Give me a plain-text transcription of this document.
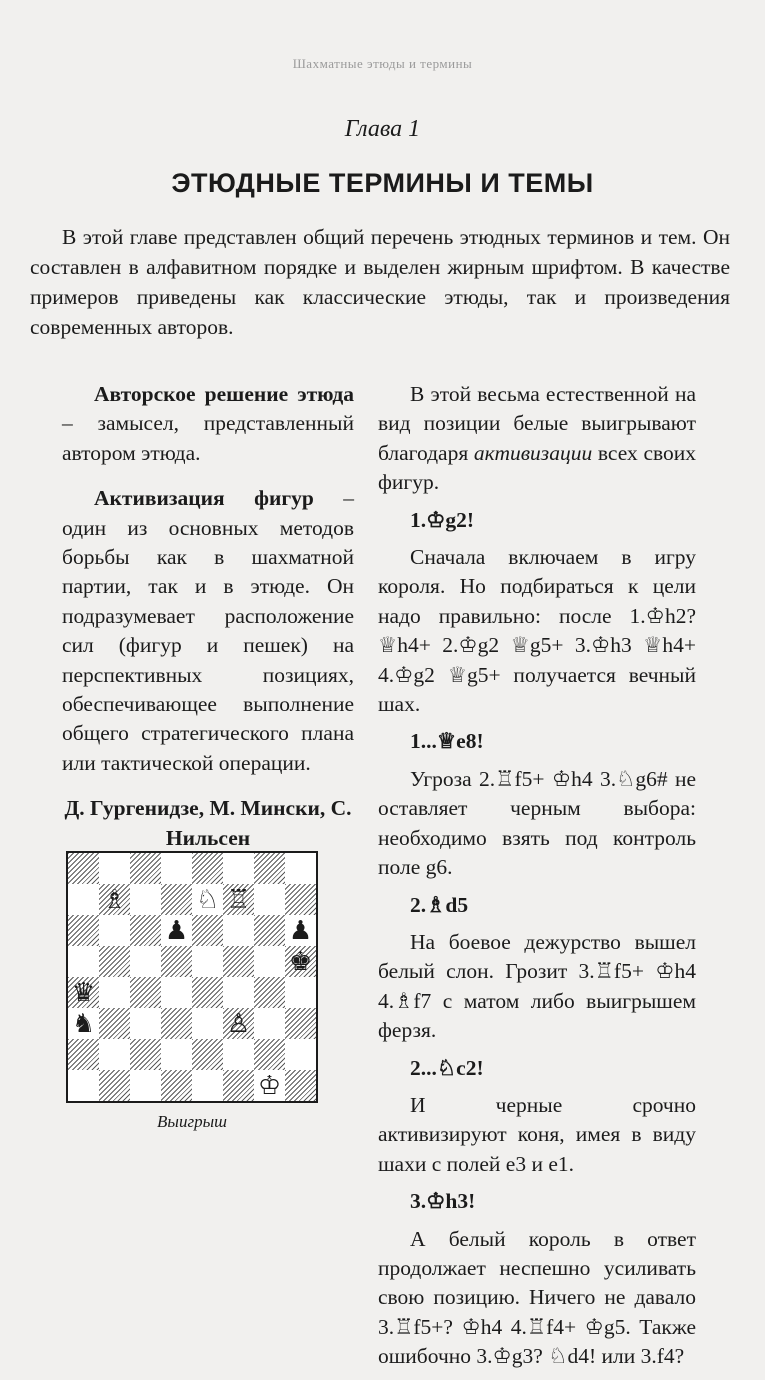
Шахматные этюды и термины
Глава 1
ЭТЮДНЫЕ ТЕРМИНЫ И ТЕМЫ

В этой главе представлен общий перечень этюдных терминов и тем. Он составлен в алфавитном порядке и выделен жирным шрифтом. В качестве примеров приведены как классические этюды, так и произведения современных авторов.

Авторское решение этюда – замысел, представленный автором этюда.

Активизация фигур – один из основных методов борьбы как в шахматной партии, так и в этюде. Он подразумевает расположение сил (фигур и пешек) на перспективных позициях, обеспечивающее выполнение общего стратегического плана или тактической операции.

Д. Гургенидзе, М. Мински, С. Нильсен

♗	♘ ♖
♟	♟
♚
♛
♞	♙
♔
Выигрыш

В этой весьма естественной на вид позиции белые выигрывают благодаря активизации всех своих фигур.

1.♔g2!

Сначала включаем в игру короля. Но подбираться к цели надо правильно: после 1.♔h2? ♕h4+ 2.♔g2 ♕g5+ 3.♔h3 ♕h4+ 4.♔g2 ♕g5+ получается вечный шах.

1...♕e8!

Угроза 2.♖f5+ ♔h4 3.♘g6# не оставляет черным выбора: необходимо взять под контроль поле g6.

2.♗d5

На боевое дежурство вышел белый слон. Грозит 3.♖f5+ ♔h4 4.♗f7 с матом либо выигрышем ферзя.

2...♘c2!

И черные срочно активизируют коня, имея в виду шахи с полей e3 и e1.

3.♔h3!

А белый король в ответ продолжает неспешно усиливать свою позицию. Ничего не давало 3.♖f5+? ♔h4 4.♖f4+ ♔g5. Также ошибочно 3.♔g3? ♘d4! или 3.f4?
